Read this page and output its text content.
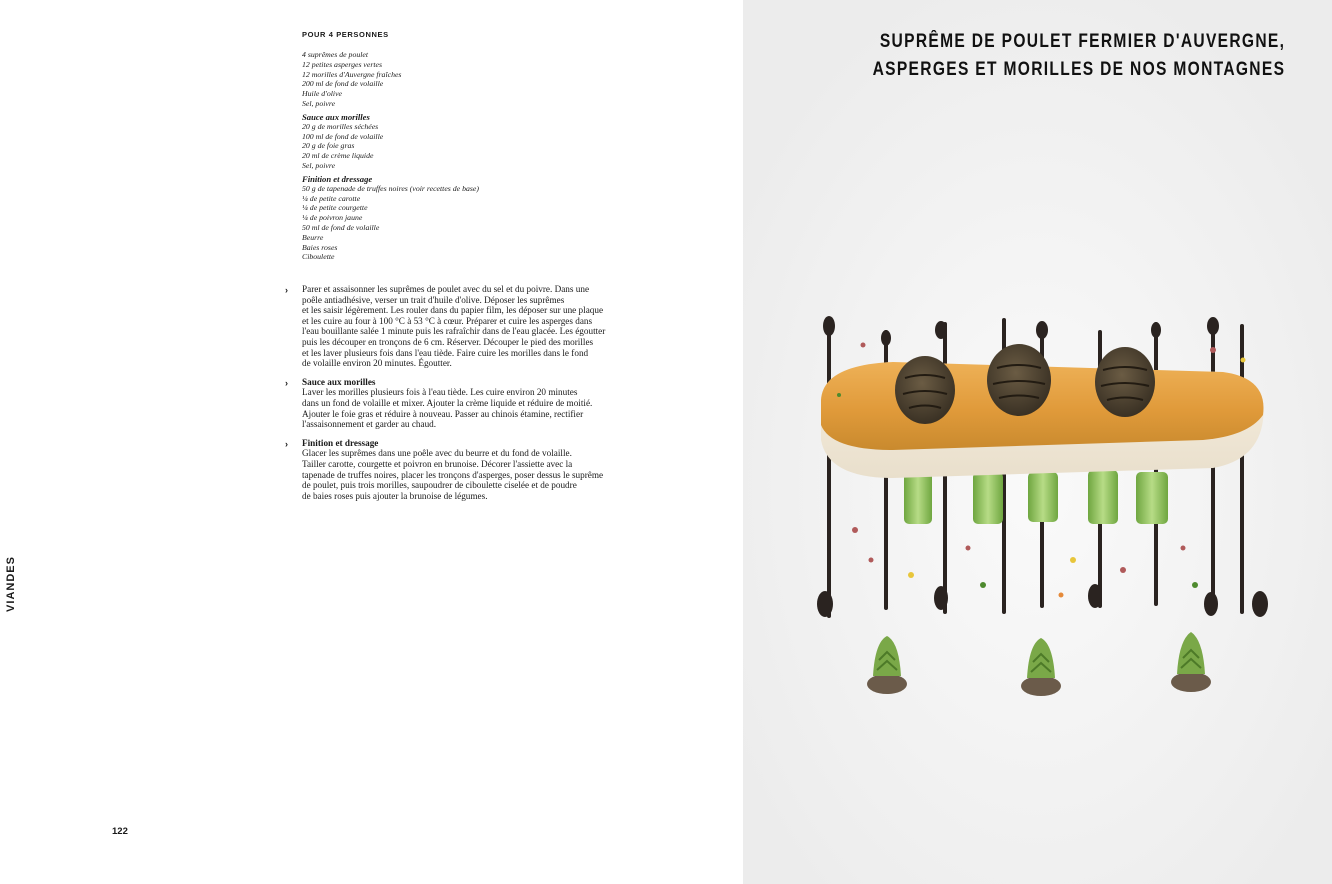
POUR 4 PERSONNES
4 suprêmes de poulet
12 petites asperges vertes
12 morilles d'Auvergne fraîches
200 ml de fond de volaille
Huile d'olive
Sel, poivre
Sauce aux morilles
20 g de morilles séchées
100 ml de fond de volaille
20 g de foie gras
20 ml de crème liquide
Sel, poivre
Finition et dressage
50 g de tapenade de truffes noires (voir recettes de base)
¼ de petite carotte
¼ de petite courgette
¼ de poivron jaune
50 ml de fond de volaille
Beurre
Baies roses
Ciboulette
› Parer et assaisonner les suprêmes de poulet avec du sel et du poivre. Dans une
poêle antiadhésive, verser un trait d'huile d'olive. Déposer les suprêmes
et les saisir légèrement. Les rouler dans du papier film, les déposer sur une plaque
et les cuire au four à 100 °C à 53 °C à cœur. Préparer et cuire les asperges dans
l'eau bouillante salée 1 minute puis les rafraîchir dans de l'eau glacée. Les égoutter
puis les découper en tronçons de 6 cm. Réserver. Découper le pied des morilles
et les laver plusieurs fois dans l'eau tiède. Faire cuire les morilles dans le fond
de volaille environ 20 minutes. Égoutter.
› Sauce aux morilles
Laver les morilles plusieurs fois à l'eau tiède. Les cuire environ 20 minutes
dans un fond de volaille et mixer. Ajouter la crème liquide et réduire de moitié.
Ajouter le foie gras et réduire à nouveau. Passer au chinois étamine, rectifier
l'assaisonnement et garder au chaud.
› Finition et dressage
Glacer les suprêmes dans une poêle avec du beurre et du fond de volaille.
Tailler carotte, courgette et poivron en brunoise. Décorer l'assiette avec la
tapenade de truffes noires, placer les tronçons d'asperges, poser dessus le suprême
de poulet, puis trois morilles, saupoudrer de ciboulette ciselée et de poudre
de baies roses puis ajouter la brunoise de légumes.
VIANDES
122
SUPRÊME DE POULET FERMIER D'AUVERGNE,
ASPERGES ET MORILLES DE NOS MONTAGNES
